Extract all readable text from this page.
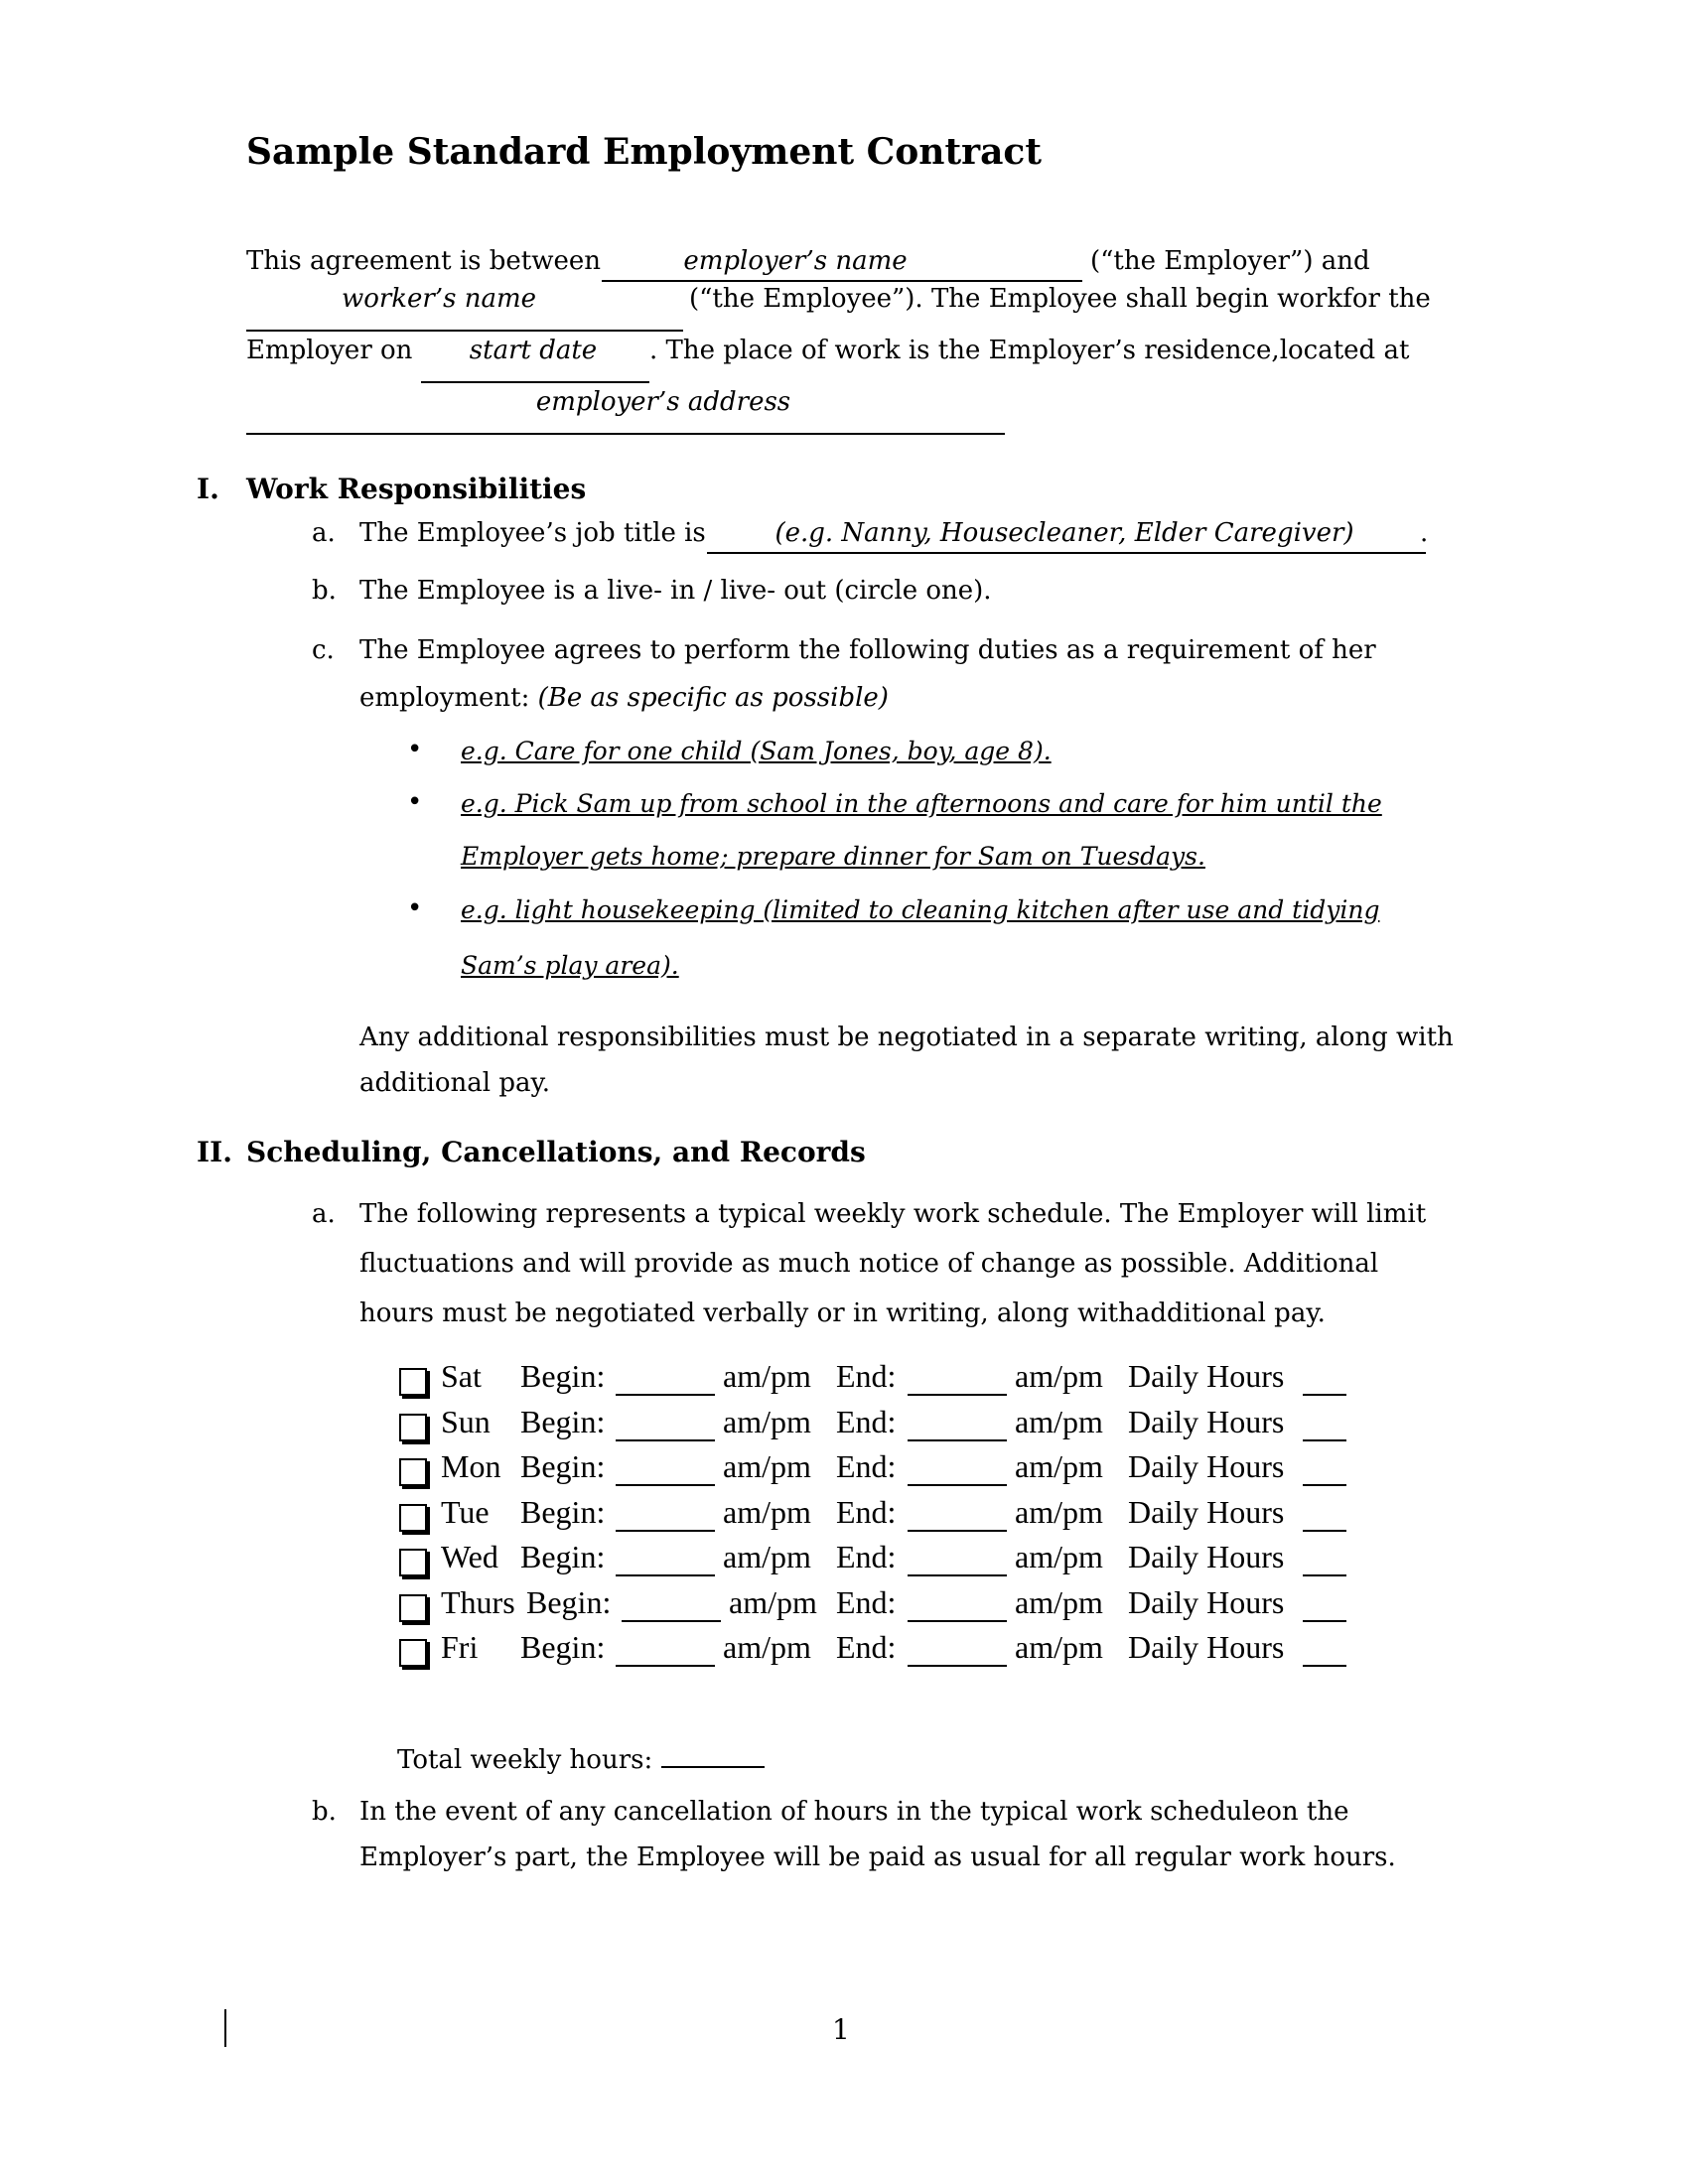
Sample Standard Employment Contract
This agreement is between	employer’s name	(“the Employer”) and
worker’s name	(“the Employee”). The Employee shall begin workfor the
Employer on	start date	. The place of work is the Employer’s residence,located at
employer’s address
I. Work Responsibilities
a. The Employee’s job title is	(e.g. Nanny, Housecleaner, Elder Caregiver)	.
b. The Employee is a live- in / live- out (circle one).
c. The Employee agrees to perform the following duties as a requirement of her
employment: (Be as specific as possible)
• e.g. Care for one child (Sam Jones, boy, age 8).
• e.g. Pick Sam up from school in the afternoons and care for him until the
Employer gets home; prepare dinner for Sam on Tuesdays.
• e.g. light housekeeping (limited to cleaning kitchen after use and tidying
Sam’s play area).
Any additional responsibilities must be negotiated in a separate writing, along with
additional pay.
II. Scheduling, Cancellations, and Records
a. The following represents a typical weekly work schedule. The Employer will limit
fluctuations and will provide as much notice of change as possible. Additional
hours must be negotiated verbally or in writing, along withadditional pay.
Sat Begin:	am/pm End:	am/pm Daily Hours
Sun Begin:	am/pm End:	am/pm Daily Hours
Mon Begin:	am/pm End:	am/pm Daily Hours
Tue Begin:	am/pm End:	am/pm Daily Hours
Wed Begin:	am/pm End:	am/pm Daily Hours
Thurs Begin:	am/pm End:	am/pm Daily Hours
Fri Begin:	am/pm End:	am/pm Daily Hours
Total weekly hours:
b. In the event of any cancellation of hours in the typical work scheduleon the
Employer’s part, the Employee will be paid as usual for all regular work hours.
1
